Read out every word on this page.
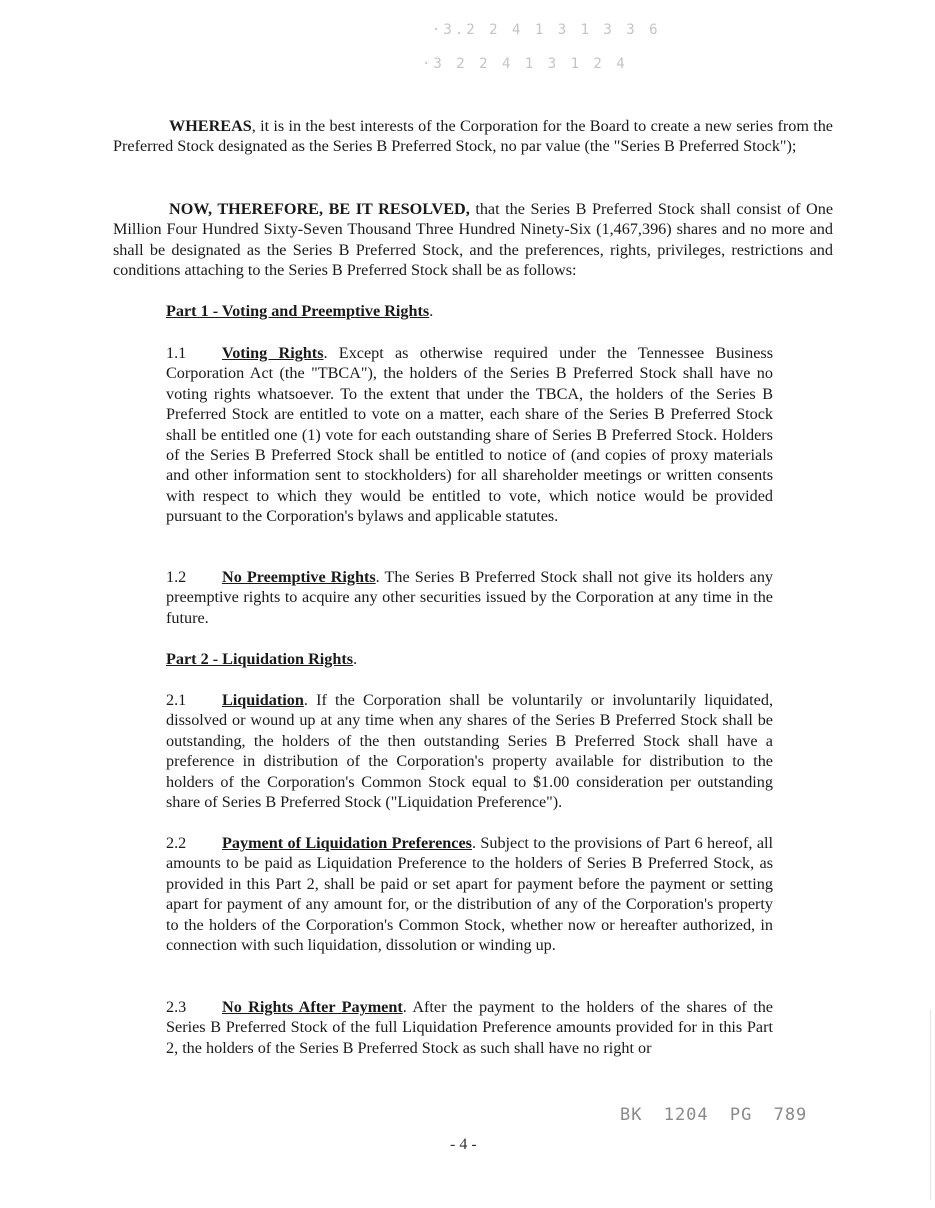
·3.2 2 4 1 3 1 3 3 6
·3 2 2 4 1 3 1 2 4

WHEREAS, it is in the best interests of the Corporation for the Board to create a new series from the Preferred Stock designated as the Series B Preferred Stock, no par value (the "Series B Preferred Stock");

NOW, THEREFORE, BE IT RESOLVED, that the Series B Preferred Stock shall consist of One Million Four Hundred Sixty-Seven Thousand Three Hundred Ninety-Six (1,467,396) shares and no more and shall be designated as the Series B Preferred Stock, and the preferences, rights, privileges, restrictions and conditions attaching to the Series B Preferred Stock shall be as follows:

Part 1 - Voting and Preemptive Rights.

1.1 Voting Rights. Except as otherwise required under the Tennessee Business Corporation Act (the "TBCA"), the holders of the Series B Preferred Stock shall have no voting rights whatsoever. To the extent that under the TBCA, the holders of the Series B Preferred Stock are entitled to vote on a matter, each share of the Series B Preferred Stock shall be entitled one (1) vote for each outstanding share of Series B Preferred Stock. Holders of the Series B Preferred Stock shall be entitled to notice of (and copies of proxy materials and other information sent to stockholders) for all shareholder meetings or written consents with respect to which they would be entitled to vote, which notice would be provided pursuant to the Corporation's bylaws and applicable statutes.

1.2 No Preemptive Rights. The Series B Preferred Stock shall not give its holders any preemptive rights to acquire any other securities issued by the Corporation at any time in the future.

Part 2 - Liquidation Rights.

2.1 Liquidation. If the Corporation shall be voluntarily or involuntarily liquidated, dissolved or wound up at any time when any shares of the Series B Preferred Stock shall be outstanding, the holders of the then outstanding Series B Preferred Stock shall have a preference in distribution of the Corporation's property available for distribution to the holders of the Corporation's Common Stock equal to $1.00 consideration per outstanding share of Series B Preferred Stock ("Liquidation Preference").

2.2 Payment of Liquidation Preferences. Subject to the provisions of Part 6 hereof, all amounts to be paid as Liquidation Preference to the holders of Series B Preferred Stock, as provided in this Part 2, shall be paid or set apart for payment before the payment or setting apart for payment of any amount for, or the distribution of any of the Corporation's property to the holders of the Corporation's Common Stock, whether now or hereafter authorized, in connection with such liquidation, dissolution or winding up.

2.3 No Rights After Payment. After the payment to the holders of the shares of the Series B Preferred Stock of the full Liquidation Preference amounts provided for in this Part 2, the holders of the Series B Preferred Stock as such shall have no right or

BK 1204 PG 789
- 4 -
